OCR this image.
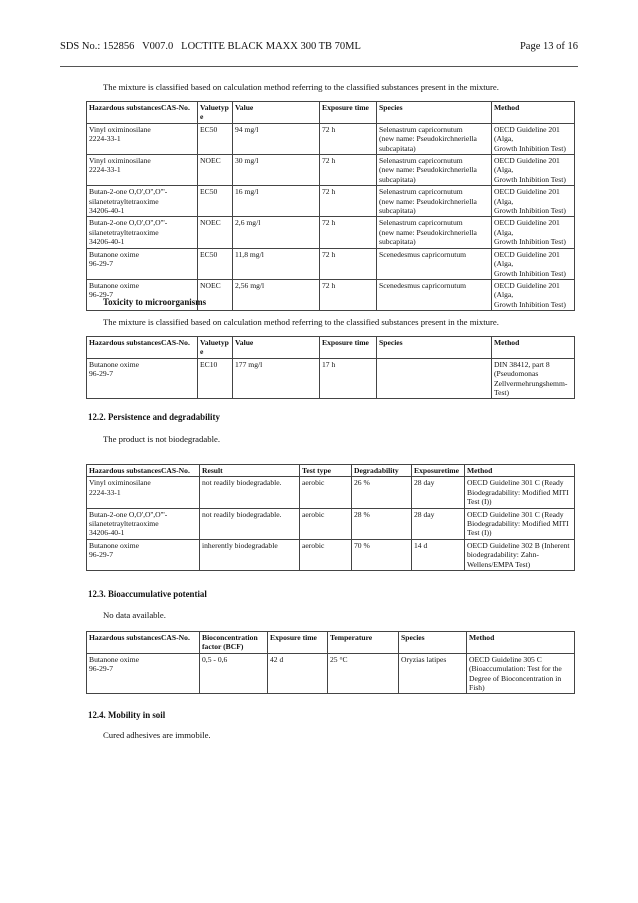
SDS No.: 152856   V007.0   LOCTITE BLACK MAXX 300 TB 70ML	Page 13 of 16
The mixture is classified based on calculation method referring to the classified substances present in the mixture.
Hazardous substancesCAS-No.	Valuetype	Value	Exposure time	Species	Method

Vinyl oximinosilane
2224-33-1	EC50	94 mg/l	72 h	Selenastrum capricornutum
(new name: Pseudokirchneriella
subcapitata)	OECD Guideline 201 (Alga,
Growth Inhibition Test)

Vinyl oximinosilane
2224-33-1	NOEC	30 mg/l	72 h	Selenastrum capricornutum
(new name: Pseudokirchneriella
subcapitata)	OECD Guideline 201 (Alga,
Growth Inhibition Test)

Butan-2-one O,O',O'',O'''-
silanetetrayltetraoxime
34206-40-1	EC50	16 mg/l	72 h	Selenastrum capricornutum
(new name: Pseudokirchneriella
subcapitata)	OECD Guideline 201 (Alga,
Growth Inhibition Test)

Butan-2-one O,O',O'',O'''-
silanetetrayltetraoxime
34206-40-1	NOEC	2,6 mg/l	72 h	Selenastrum capricornutum
(new name: Pseudokirchneriella
subcapitata)	OECD Guideline 201 (Alga,
Growth Inhibition Test)

Butanone oxime
96-29-7	EC50	11,8 mg/l	72 h	Scenedesmus capricornutum	OECD Guideline 201 (Alga,
Growth Inhibition Test)

Butanone oxime
96-29-7	NOEC	2,56 mg/l	72 h	Scenedesmus capricornutum	OECD Guideline 201 (Alga,
Growth Inhibition Test)
Toxicity to microorganisms
The mixture is classified based on calculation method referring to the classified substances present in the mixture.
Hazardous substancesCAS-No.	Valuetype	Value	Exposure time	Species	Method

Butanone oxime
96-29-7	EC10	177 mg/l	17 h		DIN 38412, part 8
(Pseudomonas
Zellvermehrungshemm-
Test)
12.2. Persistence and degradability
The product is not biodegradable.
Hazardous substancesCAS-No.	Result	Test type	Degradability	Exposuretime	Method

Vinyl oximinosilane
2224-33-1	not readily biodegradable.	aerobic	26 %	28 day	OECD Guideline 301 C (Ready
Biodegradability: Modified MITI
Test (I))

Butan-2-one O,O',O'',O'''-
silanetetrayltetraoxime
34206-40-1	not readily biodegradable.	aerobic	28 %	28 day	OECD Guideline 301 C (Ready
Biodegradability: Modified MITI
Test (I))

Butanone oxime
96-29-7	inherently biodegradable	aerobic	70 %	14 d	OECD Guideline 302 B (Inherent
biodegradability: Zahn-
Wellens/EMPA Test)
12.3. Bioaccumulative potential
No data available.
Hazardous substancesCAS-No.	Bioconcentration factor (BCF)	Exposure time	Temperature	Species	Method

Butanone oxime
96-29-7	0,5 - 0,6	42 d	25 °C	Oryzias latipes	OECD Guideline 305 C
(Bioaccumulation: Test for the
Degree of Bioconcentration in
Fish)
12.4. Mobility in soil
Cured adhesives are immobile.
